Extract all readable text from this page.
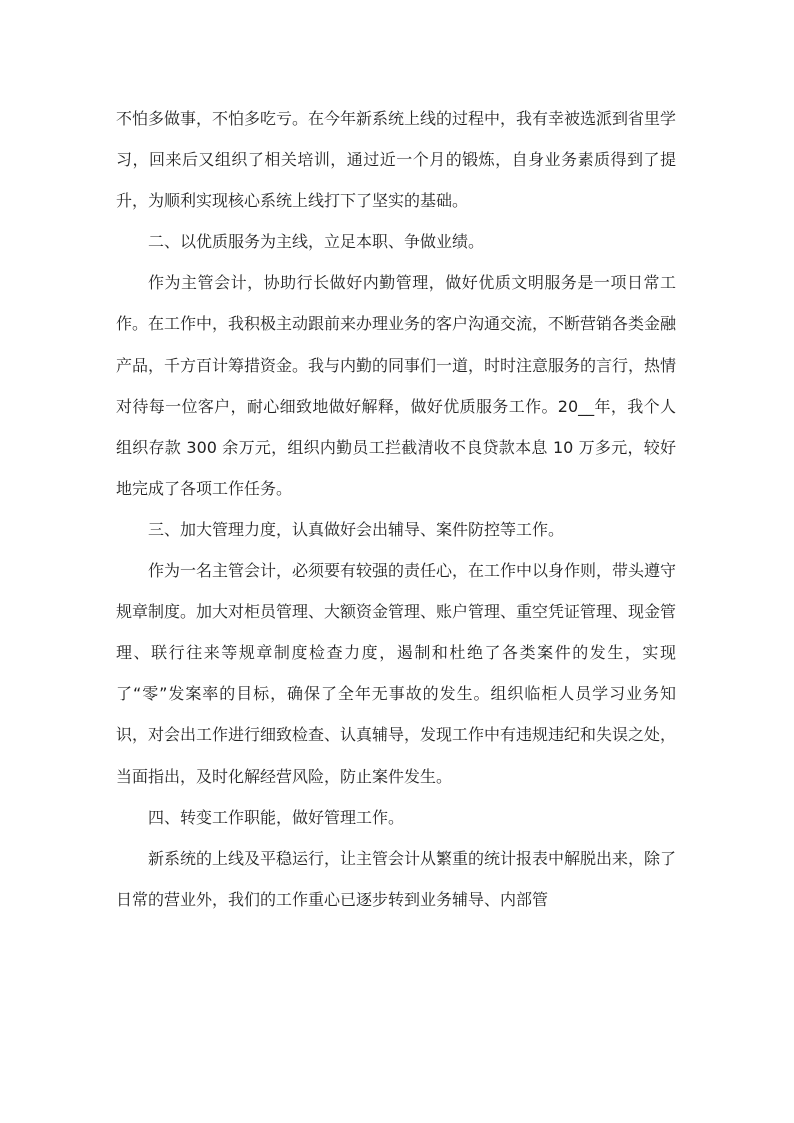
不怕多做事，不怕多吃亏。在今年新系统上线的过程中，我有幸被选派到省里学习，回来后又组织了相关培训，通过近一个月的锻炼，自身业务素质得到了提升，为顺利实现核心系统上线打下了坚实的基础。

二、以优质服务为主线，立足本职、争做业绩。

作为主管会计，协助行长做好内勤管理，做好优质文明服务是一项日常工作。在工作中，我积极主动跟前来办理业务的客户沟通交流，不断营销各类金融产品，千方百计筹措资金。我与内勤的同事们一道，时时注意服务的言行，热情对待每一位客户，耐心细致地做好解释，做好优质服务工作。20__年，我个人组织存款 300 余万元，组织内勤员工拦截清收不良贷款本息 10 万多元，较好地完成了各项工作任务。

三、加大管理力度，认真做好会出辅导、案件防控等工作。

作为一名主管会计，必须要有较强的责任心，在工作中以身作则，带头遵守规章制度。加大对柜员管理、大额资金管理、账户管理、重空凭证管理、现金管理、联行往来等规章制度检查力度，遏制和杜绝了各类案件的发生，实现了“零”发案率的目标，确保了全年无事故的发生。组织临柜人员学习业务知识，对会出工作进行细致检查、认真辅导，发现工作中有违规违纪和失误之处，当面指出，及时化解经营风险，防止案件发生。

四、转变工作职能，做好管理工作。

新系统的上线及平稳运行，让主管会计从繁重的统计报表中解脱出来，除了日常的营业外，我们的工作重心已逐步转到业务辅导、内部管
